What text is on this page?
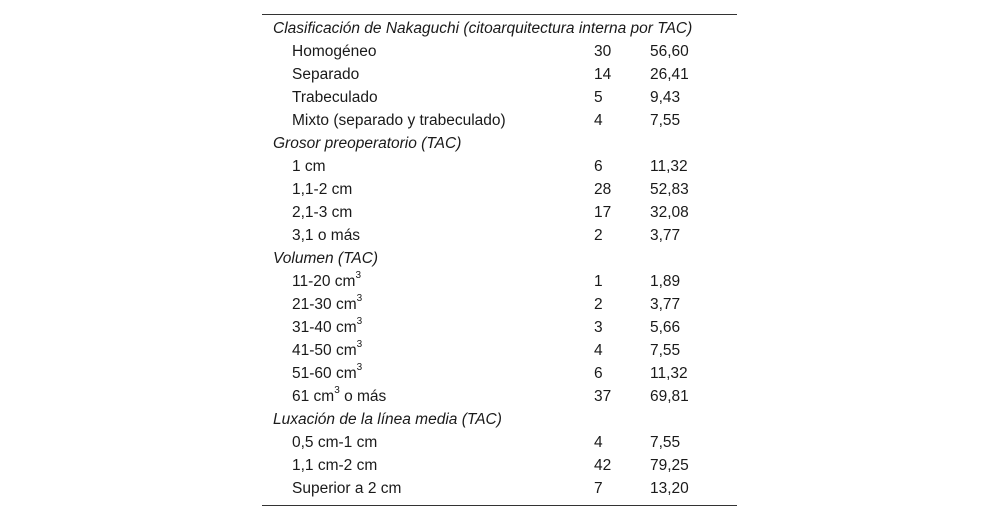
Clasificación de Nakaguchi (citoarquitectura interna por TAC)
Homogéneo	30	56,60
Separado	14	26,41
Trabeculado	5	9,43
Mixto (separado y trabeculado)	4	7,55
Grosor preoperatorio (TAC)
1 cm	6	11,32
1,1-2 cm	28	52,83
2,1-3 cm	17	32,08
3,1 o más	2	3,77
Volumen (TAC)
11-20 $cm^3$	1	1,89
21-30 $cm^3$	2	3,77
31-40 $cm^3$	3	5,66
41-50 $cm^3$	4	7,55
51-60 $cm^3$	6	11,32
61 $cm^3$ o más	37	69,81
Luxación de la línea media (TAC)
0,5 cm-1 cm	4	7,55
1,1 cm-2 cm	42	79,25
Superior a 2 cm	7	13,20
